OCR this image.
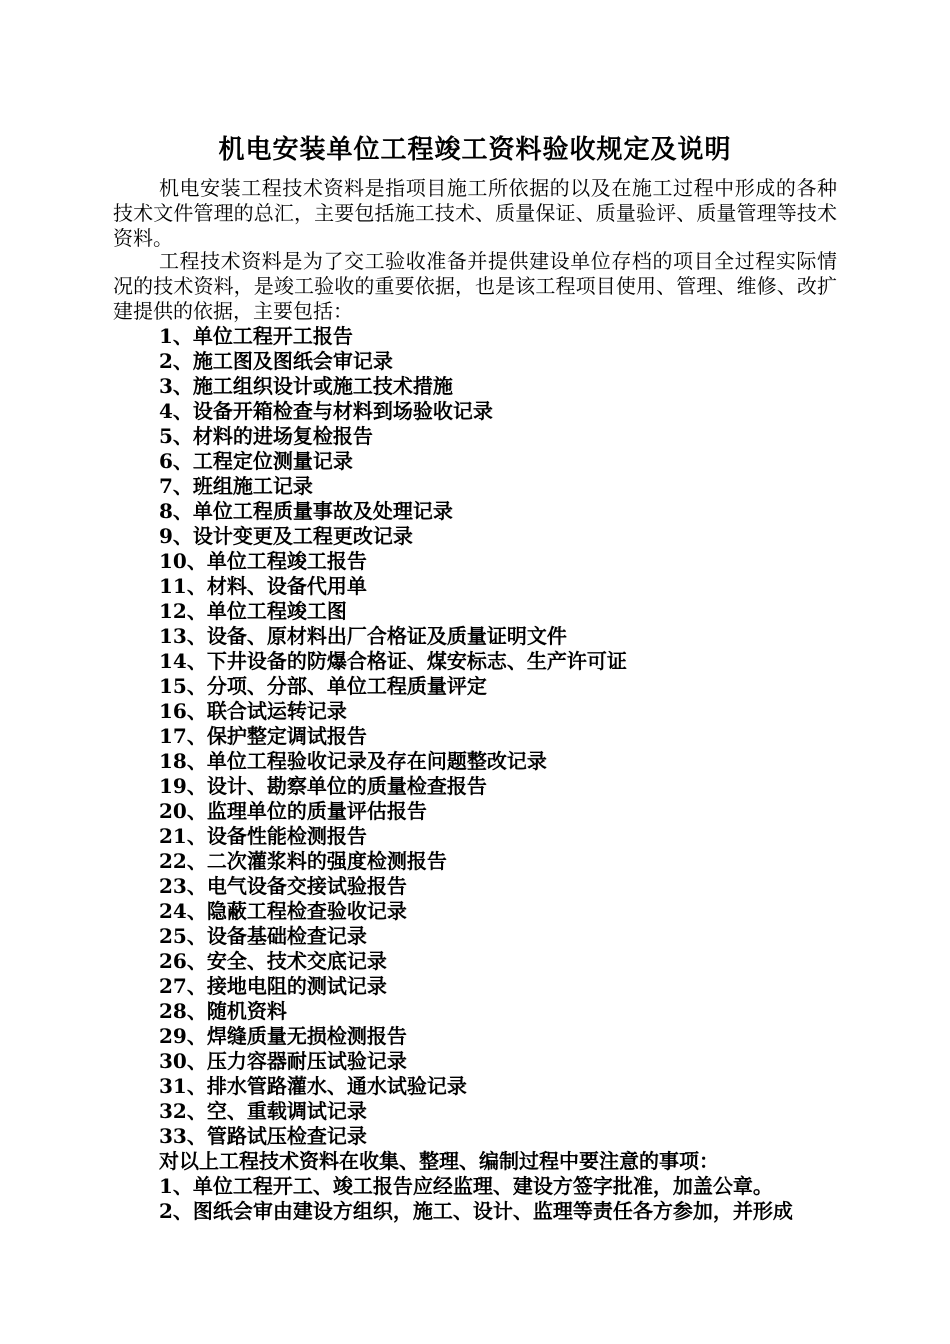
机电安装单位工程竣工资料验收规定及说明
机电安装工程技术资料是指项目施工所依据的以及在施工过程中形成的各种技术文件管理的总汇，主要包括施工技术、质量保证、质量验评、质量管理等技术资料。
工程技术资料是为了交工验收准备并提供建设单位存档的项目全过程实际情况的技术资料，是竣工验收的重要依据，也是该工程项目使用、管理、维修、改扩建提供的依据，主要包括：
1、单位工程开工报告
2、施工图及图纸会审记录
3、施工组织设计或施工技术措施
4、设备开箱检查与材料到场验收记录
5、材料的进场复检报告
6、工程定位测量记录
7、班组施工记录
8、单位工程质量事故及处理记录
9、设计变更及工程更改记录
10、单位工程竣工报告
11、材料、设备代用单
12、单位工程竣工图
13、设备、原材料出厂合格证及质量证明文件
14、下井设备的防爆合格证、煤安标志、生产许可证
15、分项、分部、单位工程质量评定
16、联合试运转记录
17、保护整定调试报告
18、单位工程验收记录及存在问题整改记录
19、设计、勘察单位的质量检查报告
20、监理单位的质量评估报告
21、设备性能检测报告
22、二次灌浆料的强度检测报告
23、电气设备交接试验报告
24、隐蔽工程检查验收记录
25、设备基础检查记录
26、安全、技术交底记录
27、接地电阻的测试记录
28、随机资料
29、焊缝质量无损检测报告
30、压力容器耐压试验记录
31、排水管路灌水、通水试验记录
32、空、重载调试记录
33、管路试压检查记录
对以上工程技术资料在收集、整理、编制过程中要注意的事项：
1、单位工程开工、竣工报告应经监理、建设方签字批准，加盖公章。
2、图纸会审由建设方组织，施工、设计、监理等责任各方参加，并形成
